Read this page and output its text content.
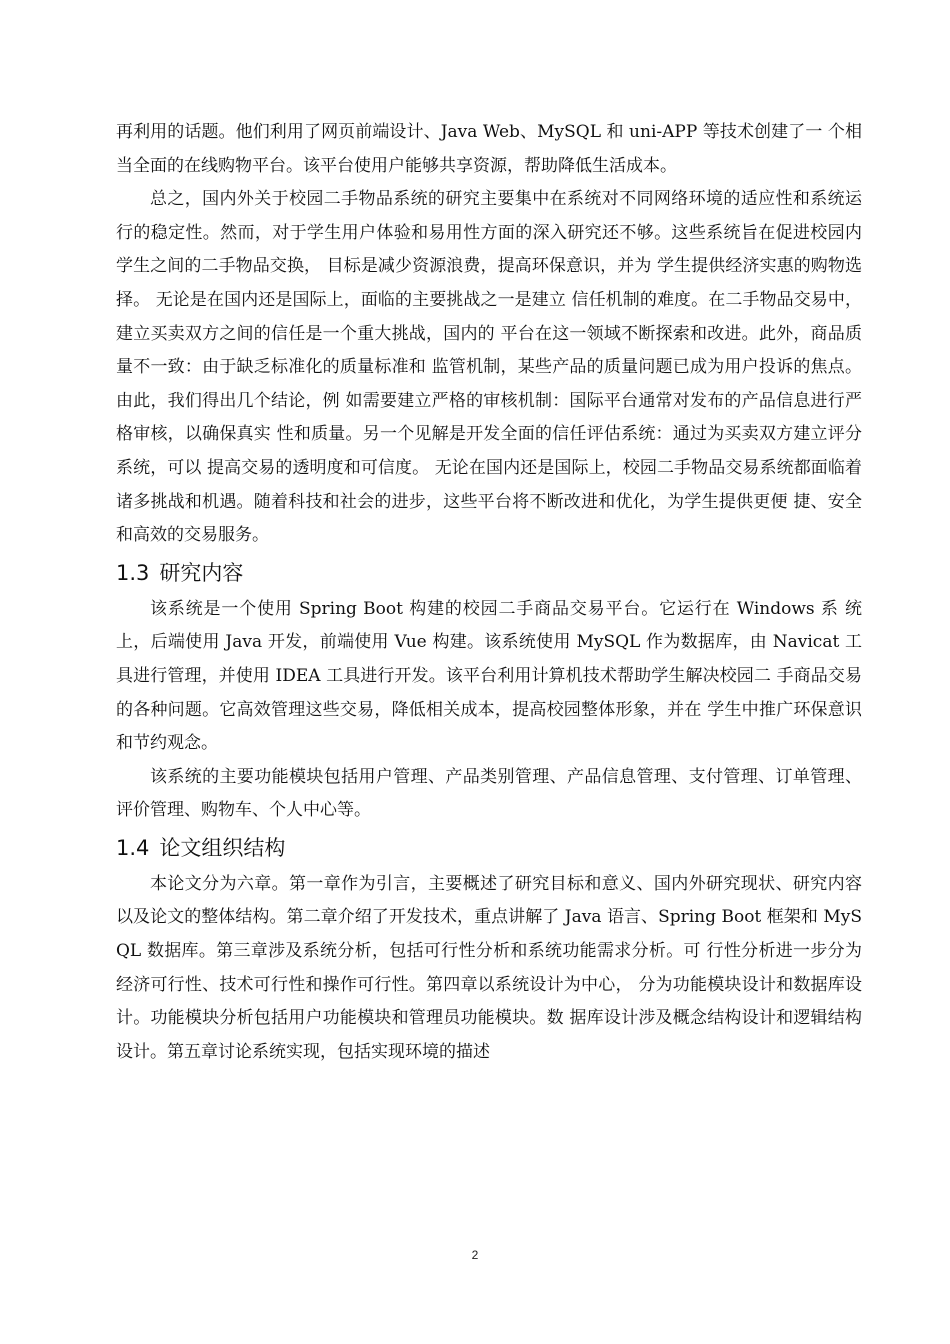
再利用的话题。他们利用了网页前端设计、Java Web、MySQL 和 uni-APP 等技术创建了一 个相当全面的在线购物平台。该平台使用户能够共享资源，帮助降低生活成本。

总之，国内外关于校园二手物品系统的研究主要集中在系统对不同网络环境的适应性和系统运行的稳定性。然而，对于学生用户体验和易用性方面的深入研究还不够。这些系统旨在促进校园内学生之间的二手物品交换， 目标是减少资源浪费，提高环保意识，并为 学生提供经济实惠的购物选择。 无论是在国内还是国际上，面临的主要挑战之一是建立 信任机制的难度。在二手物品交易中，建立买卖双方之间的信任是一个重大挑战，国内的 平台在这一领域不断探索和改进。此外，商品质量不一致：由于缺乏标准化的质量标准和 监管机制，某些产品的质量问题已成为用户投诉的焦点。 由此，我们得出几个结论，例 如需要建立严格的审核机制：国际平台通常对发布的产品信息进行严格审核，以确保真实 性和质量。另一个见解是开发全面的信任评估系统：通过为买卖双方建立评分系统，可以 提高交易的透明度和可信度。 无论在国内还是国际上，校园二手物品交易系统都面临着 诸多挑战和机遇。随着科技和社会的进步，这些平台将不断改进和优化，为学生提供更便 捷、安全和高效的交易服务。

1.3 研究内容

该系统是一个使用 Spring Boot 构建的校园二手商品交易平台。它运行在 Windows 系 统上，后端使用 Java 开发，前端使用 Vue 构建。该系统使用 MySQL 作为数据库，由 Navicat 工具进行管理，并使用 IDEA 工具进行开发。该平台利用计算机技术帮助学生解决校园二 手商品交易的各种问题。它高效管理这些交易，降低相关成本，提高校园整体形象，并在 学生中推广环保意识和节约观念。

该系统的主要功能模块包括用户管理、产品类别管理、产品信息管理、支付管理、订单管理、评价管理、购物车、个人中心等。

1.4 论文组织结构

本论文分为六章。第一章作为引言，主要概述了研究目标和意义、国内外研究现状、研究内容以及论文的整体结构。第二章介绍了开发技术，重点讲解了 Java 语言、Spring Boot 框架和 MySQL 数据库。第三章涉及系统分析，包括可行性分析和系统功能需求分析。可 行性分析进一步分为经济可行性、技术可行性和操作可行性。第四章以系统设计为中心， 分为功能模块设计和数据库设计。功能模块分析包括用户功能模块和管理员功能模块。数 据库设计涉及概念结构设计和逻辑结构设计。第五章讨论系统实现，包括实现环境的描述

2
